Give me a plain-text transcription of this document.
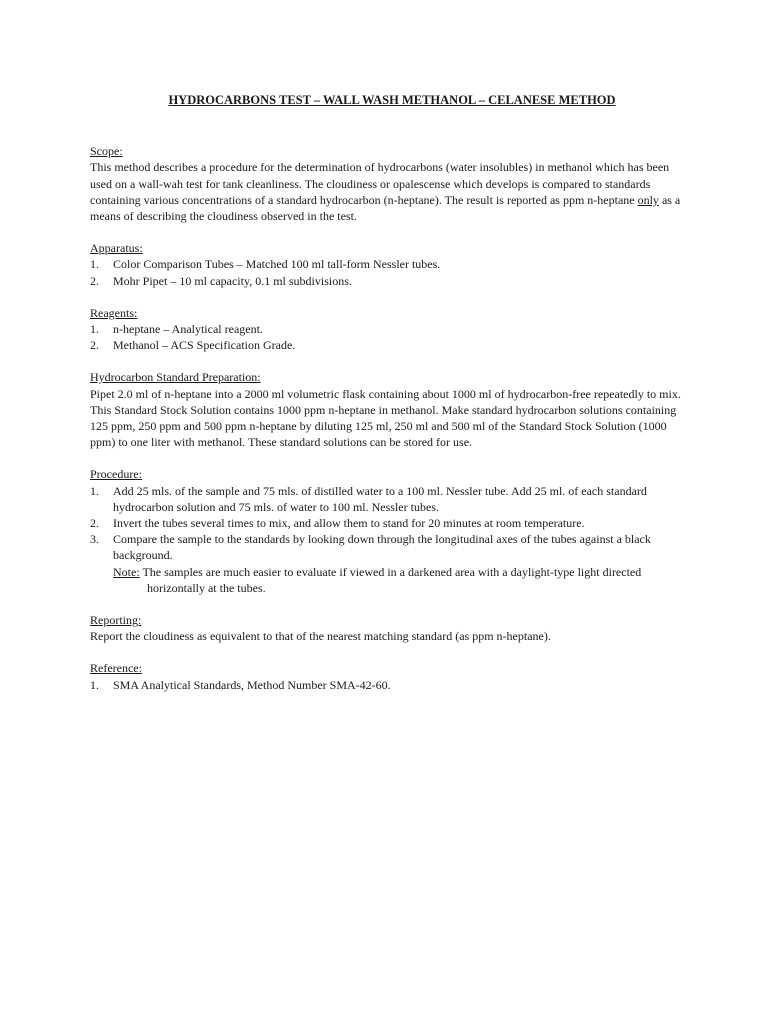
HYDROCARBONS TEST – WALL WASH METHANOL – CELANESE METHOD
Scope:

This method describes a procedure for the determination of hydrocarbons (water insolubles) in methanol which has been used on a wall-wah test for tank cleanliness. The cloudiness or opalescense which develops is compared to standards containing various concentrations of a standard hydrocarbon (n-heptane). The result is reported as ppm n-heptane only as a means of describing the cloudiness observed in the test.

Apparatus:
1. Color Comparison Tubes – Matched 100 ml tall-form Nessler tubes.
2. Mohr Pipet – 10 ml capacity, 0.1 ml subdivisions.
Reagents:
1. n-heptane – Analytical reagent.
2. Methanol – ACS Specification Grade.
Hydrocarbon Standard Preparation:

Pipet 2.0 ml of n-heptane into a 2000 ml volumetric flask containing about 1000 ml of hydrocarbon-free repeatedly to mix. This Standard Stock Solution contains 1000 ppm n-heptane in methanol. Make standard hydrocarbon solutions containing 125 ppm, 250 ppm and 500 ppm n-heptane by diluting 125 ml, 250 ml and 500 ml of the Standard Stock Solution (1000 ppm) to one liter with methanol. These standard solutions can be stored for use.

Procedure:
1. Add 25 mls. of the sample and 75 mls. of distilled water to a 100 ml. Nessler tube. Add 25 ml. of each standard hydrocarbon solution and 75 mls. of water to 100 ml. Nessler tubes.
2. Invert the tubes several times to mix, and allow them to stand for 20 minutes at room temperature.
3. Compare the sample to the standards by looking down through the longitudinal axes of the tubes against a black background.

Note: The samples are much easier to evaluate if viewed in a darkened area with a daylight-type light directed horizontally at the tubes.

Reporting:

Report the cloudiness as equivalent to that of the nearest matching standard (as ppm n-heptane).

Reference:
1. SMA Analytical Standards, Method Number SMA-42-60.
